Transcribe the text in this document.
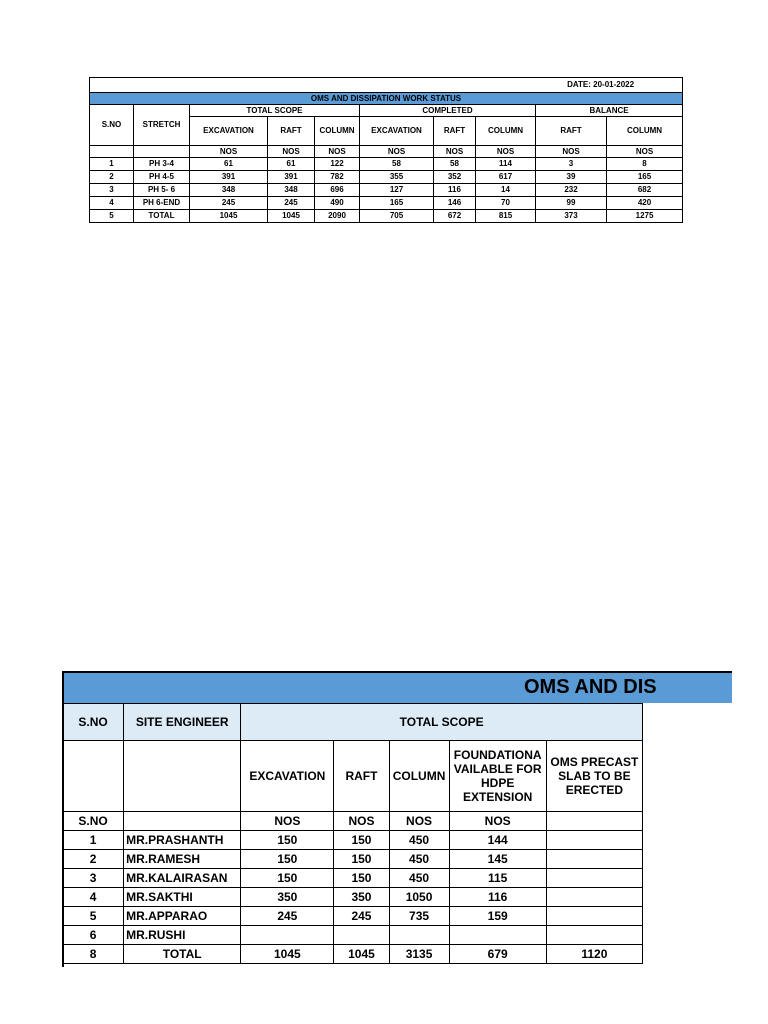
DATE: 20-01-2022									
OMS AND DISSIPATION WORK STATUS									
S.NO	STRETCH	TOTAL SCOPE			COMPLETED			BALANCE	
		EXCAVATION	RAFT	COLUMN	EXCAVATION	RAFT	COLUMN	RAFT	COLUMN
		NOS	NOS	NOS	NOS	NOS	NOS	NOS	NOS
1	PH 3-4	61	61	122	58	58	114	3	8
2	PH 4-5	391	391	782	355	352	617	39	165
3	PH 5- 6	348	348	696	127	116	14	232	682
4	PH 6-END	245	245	490	165	146	70	99	420
5	TOTAL	1045	1045	2090	705	672	815	373	1275
OMS AND DIS
S.NO	SITE ENGINEER	TOTAL SCOPE				
		EXCAVATION	RAFT	COLUMN	FOUNDATIONA VAILABLE FOR HDPE EXTENSION	OMS PRECAST SLAB TO BE ERECTED
S.NO		NOS	NOS	NOS	NOS	
1	MR.PRASHANTH	150	150	450	144	
2	MR.RAMESH	150	150	450	145	
3	MR.KALAIRASAN	150	150	450	115	
4	MR.SAKTHI	350	350	1050	116	
5	MR.APPARAO	245	245	735	159	
6	MR.RUSHI					
8	TOTAL	1045	1045	3135	679	1120
